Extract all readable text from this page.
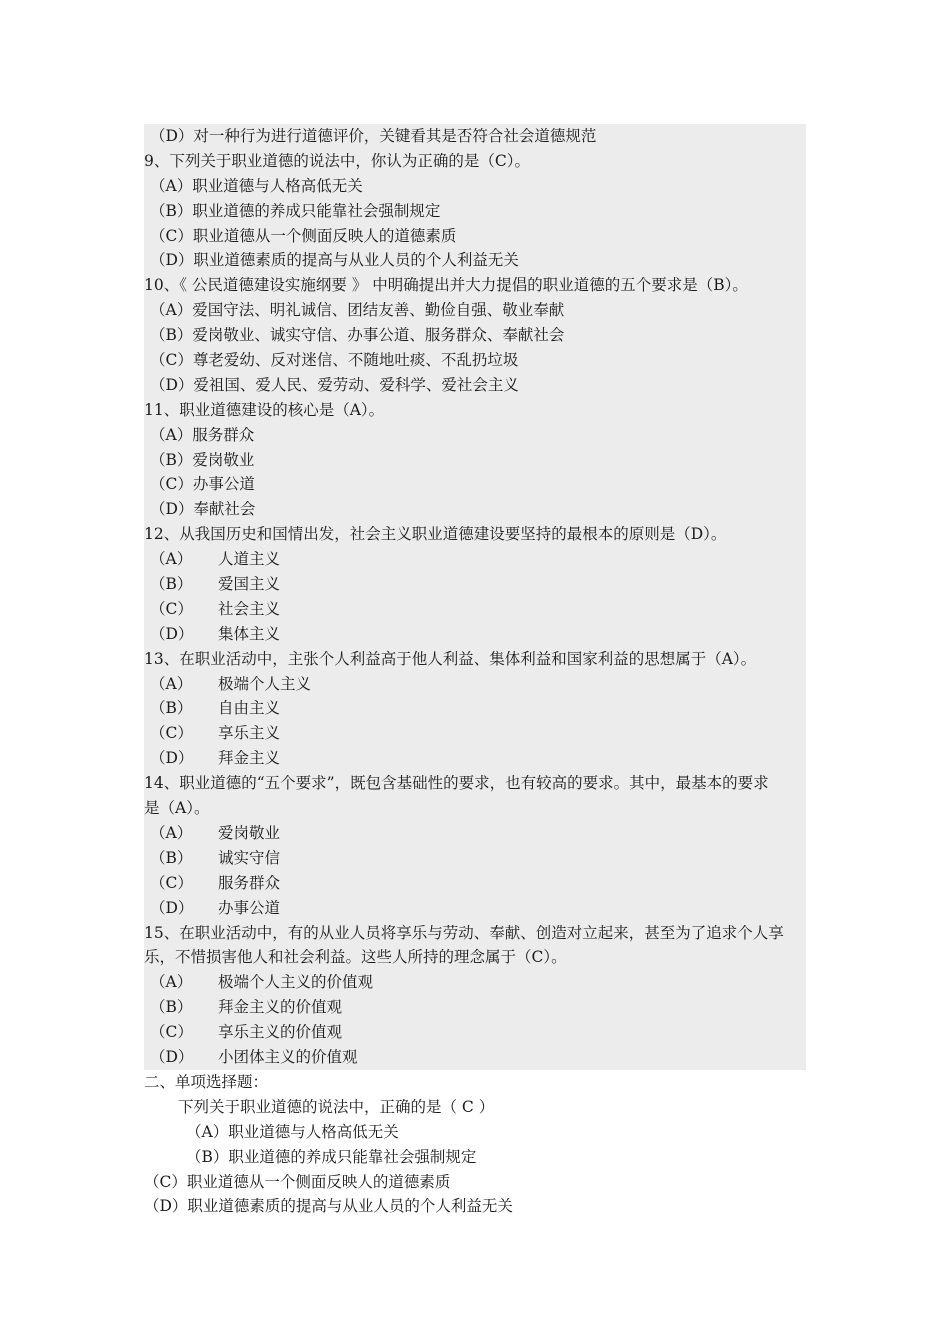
（D）对一种行为进行道德评价，关键看其是否符合社会道德规范
9、下列关于职业道德的说法中，你认为正确的是（C）。
（A）职业道德与人格高低无关
（B）职业道德的养成只能靠社会强制规定
（C）职业道德从一个侧面反映人的道德素质
（D）职业道德素质的提高与从业人员的个人利益无关
10、《 公民道德建设实施纲要 》 中明确提出并大力提倡的职业道德的五个要求是（B）。
（A）爱国守法、明礼诚信、团结友善、勤俭自强、敬业奉献
（B）爱岗敬业、诚实守信、办事公道、服务群众、奉献社会
（C）尊老爱幼、反对迷信、不随地吐痰、不乱扔垃圾
（D）爱祖国、爱人民、爱劳动、爱科学、爱社会主义
11、职业道德建设的核心是（A）。
（A）服务群众
（B）爱岗敬业
（C）办事公道
（D）奉献社会
12、从我国历史和国情出发，社会主义职业道德建设要坚持的最根本的原则是（D）。
（A） 人道主义
（B） 爱国主义
（C） 社会主义
（D） 集体主义
13、在职业活动中，主张个人利益高于他人利益、集体利益和国家利益的思想属于（A）。
（A） 极端个人主义
（B） 自由主义
（C） 享乐主义
（D） 拜金主义
14、职业道德的“五个要求”，既包含基础性的要求，也有较高的要求。其中，最基本的要求
是（A）。
（A） 爱岗敬业
（B） 诚实守信
（C） 服务群众
（D） 办事公道
15、在职业活动中，有的从业人员将享乐与劳动、奉献、创造对立起来，甚至为了追求个人享
乐，不惜损害他人和社会利益。这些人所持的理念属于（C）。
（A） 极端个人主义的价值观
（B） 拜金主义的价值观
（C） 享乐主义的价值观
（D） 小团体主义的价值观
二、单项选择题：
下列关于职业道德的说法中，正确的是（ C ）
（A）职业道德与人格高低无关
（B）职业道德的养成只能靠社会强制规定
（C）职业道德从一个侧面反映人的道德素质
（D）职业道德素质的提高与从业人员的个人利益无关
